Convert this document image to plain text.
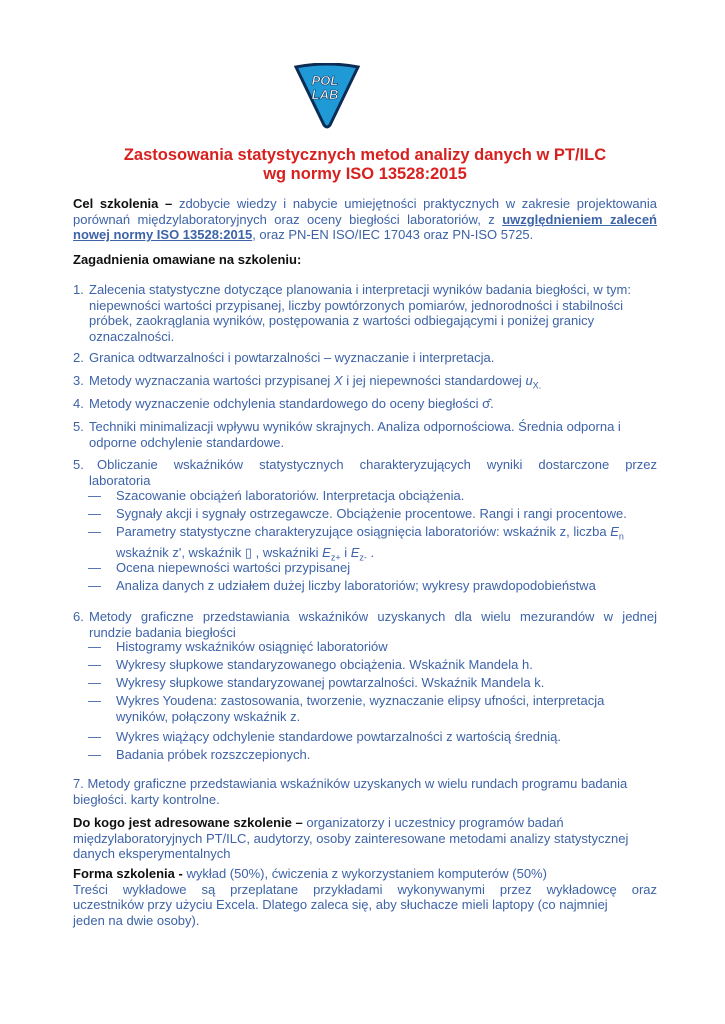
POL
LAB
Zastosowania statystycznych metod analizy danych w PT/ILC
wg normy ISO 13528:2015
Cel szkolenia – zdobycie wiedzy i nabycie umiejętności praktycznych w zakresie projektowania porównań międzylaboratoryjnych oraz oceny biegłości laboratoriów, z uwzględnieniem zaleceń nowej normy ISO 13528:2015, oraz PN-EN ISO/IEC 17043 oraz PN-ISO 5725.
Zagadnienia omawiane na szkoleniu:
1. Zalecenia statystyczne dotyczące planowania i interpretacji wyników badania biegłości, w tym:
niepewności wartości przypisanej, liczby powtórzonych pomiarów, jednorodności i stabilności
próbek, zaokrąglania wyników, postępowania z wartości odbiegającymi i poniżej granicy
oznaczalności.
2. Granica odtwarzalności i powtarzalności – wyznaczanie i interpretacja.
3. Metody wyznaczania wartości przypisanej X i jej niepewności standardowej $u_{X.}$
4. Metody wyznaczenie odchylenia standardowego do oceny biegłości σ̂.
5. Techniki minimalizacji wpływu wyników skrajnych. Analiza odpornościowa. Średnia odporna i
odporne odchylenie standardowe.
5.	Obliczanie wskaźników statystycznych charakteryzujących wyniki dostarczone przez
laboratoria
— Szacowanie obciążeń laboratoriów. Interpretacja obciążenia.
— Sygnały akcji i sygnały ostrzegawcze. Obciążenie procentowe. Rangi i rangi procentowe.
— Parametry statystyczne charakteryzujące osiągnięcia laboratoriów: wskaźnik z, liczba $E_n$
wskaźnik z', wskaźnik ▯ , wskaźniki $E_{z+}$ i $E_{z-}$ .
— Ocena niepewności wartości przypisanej
— Analiza danych z udziałem dużej liczby laboratoriów; wykresy prawdopodobieństwa
6. Metody graficzne przedstawiania wskaźników uzyskanych dla wielu mezurandów w jednej
rundzie badania biegłości
— Histogramy wskaźników osiągnięć laboratoriów
— Wykresy słupkowe standaryzowanego obciążenia. Wskaźnik Mandela h.
— Wykresy słupkowe standaryzowanej powtarzalności. Wskaźnik Mandela k.
— Wykres Youdena: zastosowania, tworzenie, wyznaczanie elipsy ufności, interpretacja
wyników, połączony wskaźnik z.
— Wykres wiążący odchylenie standardowe powtarzalności z wartością średnią.
— Badania próbek rozszczepionych.
7. Metody graficzne przedstawiania wskaźników uzyskanych w wielu rundach programu badania
biegłości. karty kontrolne.
Do kogo jest adresowane szkolenie – organizatorzy i uczestnicy programów badań
międzylaboratoryjnych PT/ILC, audytorzy, osoby zainteresowane metodami analizy statystycznej
danych eksperymentalnych
Forma szkolenia - wykład (50%), ćwiczenia z wykorzystaniem komputerów (50%)
Treści wykładowe są przeplatane przykładami wykonywanymi przez wykładowcę oraz
uczestników przy użyciu Excela. Dlatego zaleca się, aby słuchacze mieli laptopy (co najmniej
jeden na dwie osoby).
